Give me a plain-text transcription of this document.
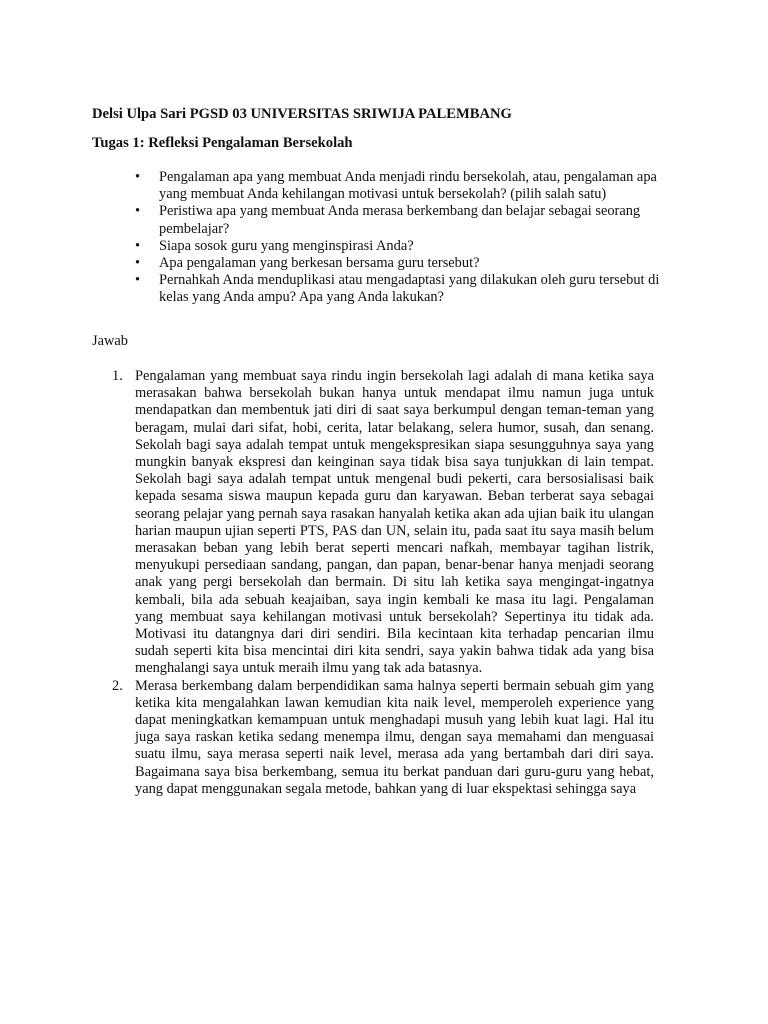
Delsi Ulpa Sari PGSD 03 UNIVERSITAS SRIWIJA PALEMBANG
Tugas 1: Refleksi Pengalaman Bersekolah
• Pengalaman apa yang membuat Anda menjadi rindu bersekolah, atau, pengalaman apa yang membuat Anda kehilangan motivasi untuk bersekolah? (pilih salah satu)
• Peristiwa apa yang membuat Anda merasa berkembang dan belajar sebagai seorang pembelajar?
• Siapa sosok guru yang menginspirasi Anda?
• Apa pengalaman yang berkesan bersama guru tersebut?
• Pernahkah Anda menduplikasi atau mengadaptasi yang dilakukan oleh guru tersebut di kelas yang Anda ampu? Apa yang Anda lakukan?
Jawab
1. Pengalaman yang membuat saya rindu ingin bersekolah lagi adalah di mana ketika saya merasakan bahwa bersekolah bukan hanya untuk mendapat ilmu namun juga untuk mendapatkan dan membentuk jati diri di saat saya berkumpul dengan teman-teman yang beragam, mulai dari sifat, hobi, cerita, latar belakang, selera humor, susah, dan senang. Sekolah bagi saya adalah tempat untuk mengekspresikan siapa sesungguhnya saya yang mungkin banyak ekspresi dan keinginan saya tidak bisa saya tunjukkan di lain tempat. Sekolah bagi saya adalah tempat untuk mengenal budi pekerti, cara bersosialisasi baik kepada sesama siswa maupun kepada guru dan karyawan. Beban terberat saya sebagai seorang pelajar yang pernah saya rasakan hanyalah ketika akan ada ujian baik itu ulangan harian maupun ujian seperti PTS, PAS dan UN, selain itu, pada saat itu saya masih belum merasakan beban yang lebih berat seperti mencari nafkah, membayar tagihan listrik, menyukupi persediaan sandang, pangan, dan papan, benar-benar hanya menjadi seorang anak yang pergi bersekolah dan bermain. Di situ lah ketika saya mengingat-ingatnya kembali, bila ada sebuah keajaiban, saya ingin kembali ke masa itu lagi. Pengalaman yang membuat saya kehilangan motivasi untuk bersekolah? Sepertinya itu tidak ada. Motivasi itu datangnya dari diri sendiri. Bila kecintaan kita terhadap pencarian ilmu sudah seperti kita bisa mencintai diri kita sendri, saya yakin bahwa tidak ada yang bisa menghalangi saya untuk meraih ilmu yang tak ada batasnya.
2. Merasa berkembang dalam berpendidikan sama halnya seperti bermain sebuah gim yang ketika kita mengalahkan lawan kemudian kita naik level, memperoleh experience yang dapat meningkatkan kemampuan untuk menghadapi musuh yang lebih kuat lagi. Hal itu juga saya raskan ketika sedang menempa ilmu, dengan saya memahami dan menguasai suatu ilmu, saya merasa seperti naik level, merasa ada yang bertambah dari diri saya. Bagaimana saya bisa berkembang, semua itu berkat panduan dari guru-guru yang hebat, yang dapat menggunakan segala metode, bahkan yang di luar ekspektasi sehingga saya
